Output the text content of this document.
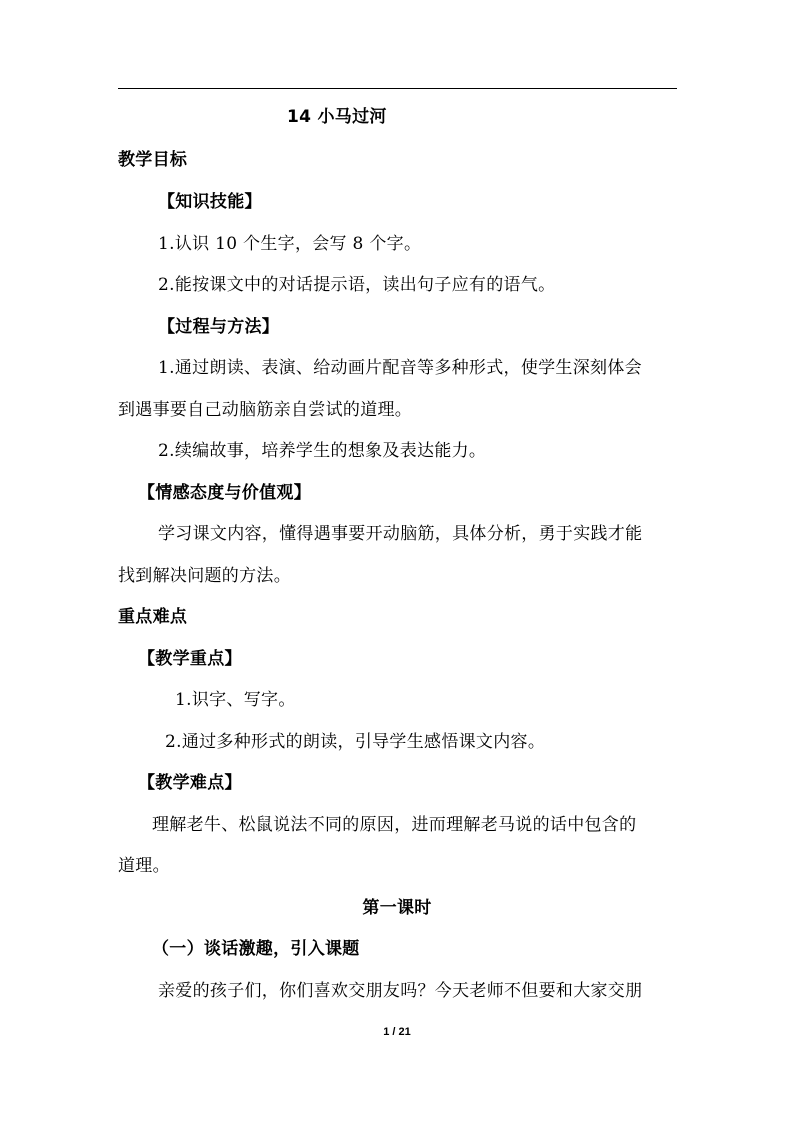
14 小马过河
教学目标
【知识技能】
1.认识 10 个生字，会写 8 个字。
2.能按课文中的对话提示语，读出句子应有的语气。
【过程与方法】
1.通过朗读、表演、给动画片配音等多种形式，使学生深刻体会
到遇事要自己动脑筋亲自尝试的道理。
2.续编故事，培养学生的想象及表达能力。
【情感态度与价值观】
学习课文内容，懂得遇事要开动脑筋，具体分析，勇于实践才能
找到解决问题的方法。
重点难点
【教学重点】
1.识字、写字。
2.通过多种形式的朗读，引导学生感悟课文内容。
【教学难点】
理解老牛、松鼠说法不同的原因，进而理解老马说的话中包含的
道理。
第一课时
（一）谈话激趣，引入课题
亲爱的孩子们，你们喜欢交朋友吗？今天老师不但要和大家交朋
1 / 21
